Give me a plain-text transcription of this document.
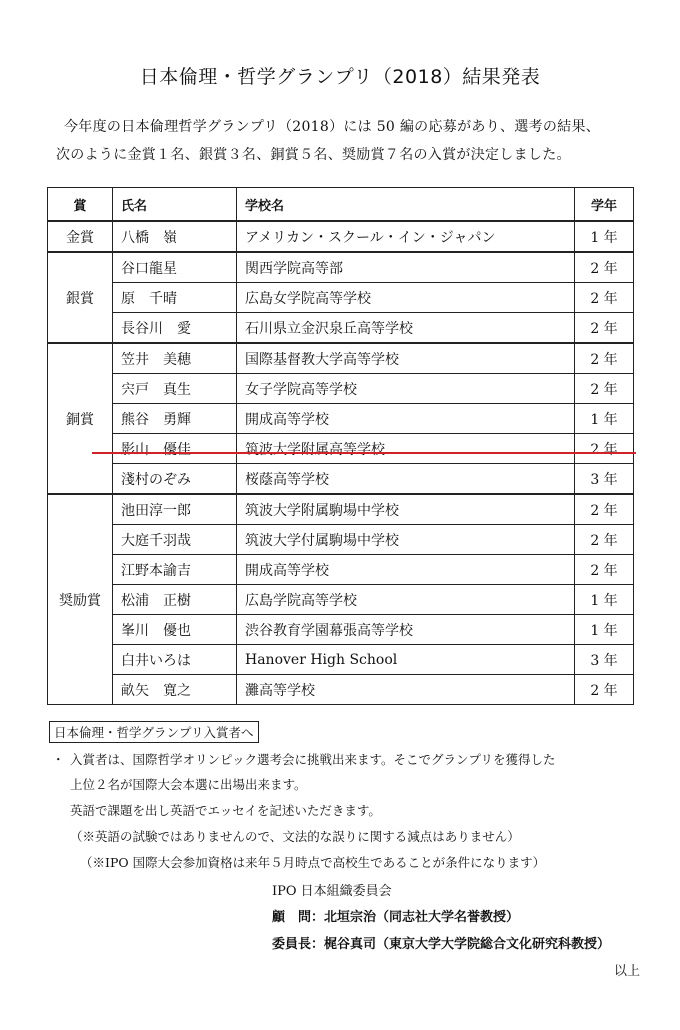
日本倫理・哲学グランプリ（2018）結果発表
今年度の日本倫理哲学グランプリ（2018）には 50 編の応募があり、選考の結果、
次のように金賞１名、銀賞３名、銅賞５名、奨励賞７名の入賞が決定しました。
賞	氏名	学校名	学年
金賞	八橋　嶺	アメリカン・スクール・イン・ジャパン	1 年
銀賞	谷口龍星	関西学院高等部	2 年
	原　千晴	広島女学院高等学校	2 年
	長谷川　愛	石川県立金沢泉丘高等学校	2 年
銅賞	笠井　美穂	国際基督教大学高等学校	2 年
	宍戸　真生	女子学院高等学校	2 年
	熊谷　勇輝	開成高等学校	1 年
	影山　優佳	筑波大学附属高等学校	2 年
	淺村のぞみ	桜蔭高等学校	3 年
奨励賞	池田淳一郎	筑波大学附属駒場中学校	2 年
	大庭千羽哉	筑波大学付属駒場中学校	2 年
	江野本諭吉	開成高等学校	2 年
	松浦　正樹	広島学院高等学校	1 年
	峯川　優也	渋谷教育学園幕張高等学校	1 年
	白井いろは	Hanover High School	3 年
	畝矢　寛之	灘高等学校	2 年
日本倫理・哲学グランプリ入賞者へ
・ 入賞者は、国際哲学オリンピック選考会に挑戦出来ます。そこでグランプリを獲得した
上位２名が国際大会本選に出場出来ます。
英語で課題を出し英語でエッセイを記述いただきます。
（※英語の試験ではありませんので、文法的な誤りに関する減点はありません）
（※IPO 国際大会参加資格は来年５月時点で高校生であることが条件になります）
IPO 日本組織委員会
顧　問：北垣宗治（同志社大学名誉教授）
委員長：梶谷真司（東京大学大学院総合文化研究科教授）
以上
